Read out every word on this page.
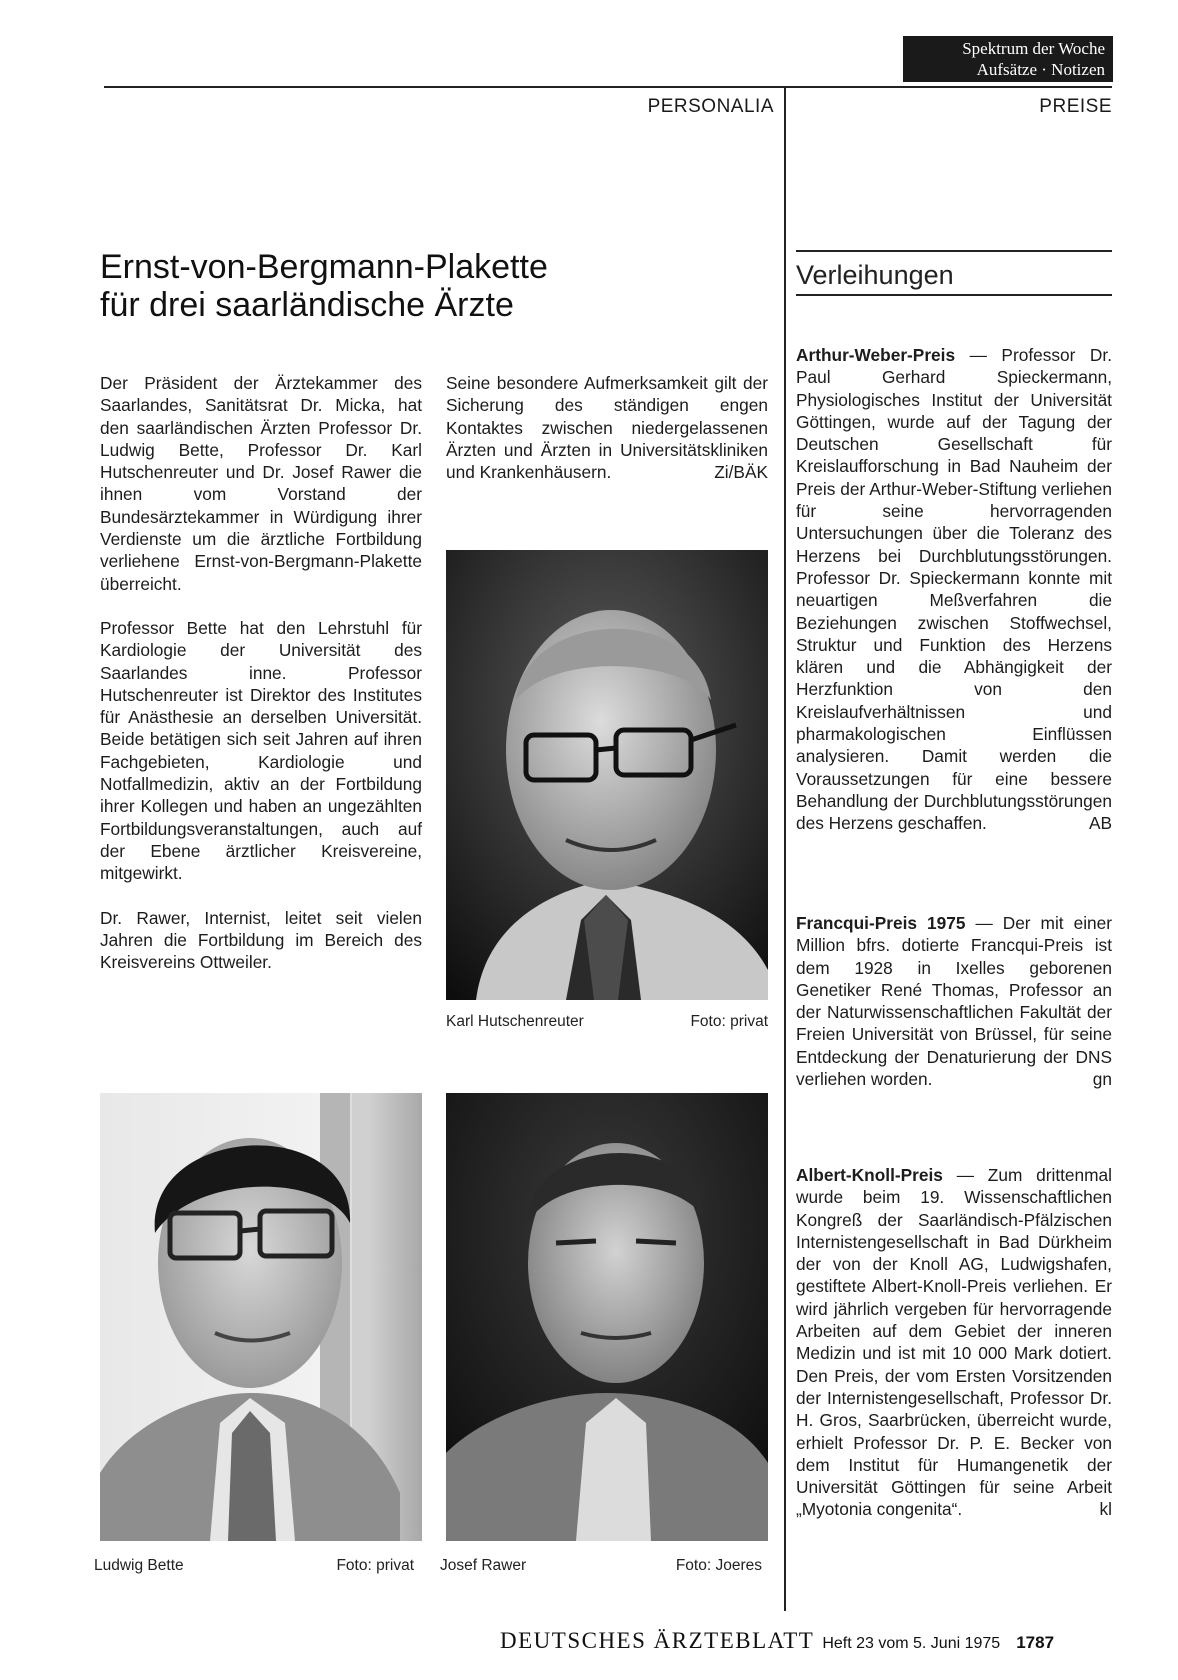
Spektrum der Woche
Aufsätze · Notizen
PERSONALIA	PREISE
Ernst-von-Bergmann-Plakette
für drei saarländische Ärzte

Der Präsident der Ärztekammer des Saarlandes, Sanitätsrat Dr. Micka, hat den saarländischen Ärzten Professor Dr. Ludwig Bette, Professor Dr. Karl Hutschenreuter und Dr. Josef Rawer die ihnen vom Vorstand der Bundesärztekammer in Würdigung ihrer Verdienste um die ärztliche Fortbildung verliehene Ernst-von-Bergmann-Plakette überreicht.

Professor Bette hat den Lehrstuhl für Kardiologie der Universität des Saarlandes inne. Professor Hutschenreuter ist Direktor des Institutes für Anästhesie an derselben Universität. Beide betätigen sich seit Jahren auf ihren Fachgebieten, Kardiologie und Notfallmedizin, aktiv an der Fortbildung ihrer Kollegen und haben an ungezählten Fortbildungsveranstaltungen, auch auf der Ebene ärztlicher Kreisvereine, mitgewirkt.

Dr. Rawer, Internist, leitet seit vielen Jahren die Fortbildung im Bereich des Kreisvereins Ottweiler.

Seine besondere Aufmerksamkeit gilt der Sicherung des ständigen engen Kontaktes zwischen niedergelassenen Ärzten und Ärzten in Universitätskliniken und Krankenhäusern.	Zi/BÄK

Karl Hutschenreuter	Foto: privat
Ludwig Bette	Foto: privat Josef Rawer	Foto: Joeres
Verleihungen

Arthur-Weber-Preis — Professor Dr. Paul Gerhard Spieckermann, Physiologisches Institut der Universität Göttingen, wurde auf der Tagung der Deutschen Gesellschaft für Kreislaufforschung in Bad Nauheim der Preis der Arthur-Weber-Stiftung verliehen für seine hervorragenden Untersuchungen über die Toleranz des Herzens bei Durchblutungsstörungen. Professor Dr. Spieckermann konnte mit neuartigen Meßverfahren die Beziehungen zwischen Stoffwechsel, Struktur und Funktion des Herzens klären und die Abhängigkeit der Herzfunktion von den Kreislaufverhältnissen und pharmakologischen Einflüssen analysieren. Damit werden die Voraussetzungen für eine bessere Behandlung der Durchblutungsstörungen des Herzens geschaffen.	AB

Francqui-Preis 1975 — Der mit einer Million bfrs. dotierte Francqui-Preis ist dem 1928 in Ixelles geborenen Genetiker René Thomas, Professor an der Naturwissenschaftlichen Fakultät der Freien Universität von Brüssel, für seine Entdeckung der Denaturierung der DNS verliehen worden.	gn

Albert-Knoll-Preis — Zum drittenmal wurde beim 19. Wissenschaftlichen Kongreß der Saarländisch-Pfälzischen Internistengesellschaft in Bad Dürkheim der von der Knoll AG, Ludwigshafen, gestiftete Albert-Knoll-Preis verliehen. Er wird jährlich vergeben für hervorragende Arbeiten auf dem Gebiet der inneren Medizin und ist mit 10 000 Mark dotiert. Den Preis, der vom Ersten Vorsitzenden der Internistengesellschaft, Professor Dr. H. Gros, Saarbrücken, überreicht wurde, erhielt Professor Dr. P. E. Becker von dem Institut für Humangenetik der Universität Göttingen für seine Arbeit „Myotonia congenita“.	kl

DEUTSCHES ÄRZTEBLATT Heft 23 vom 5. Juni 1975 1787
